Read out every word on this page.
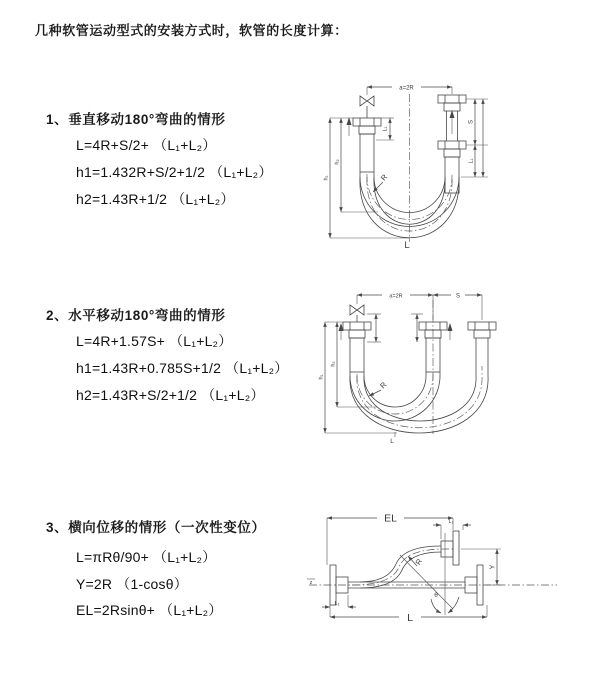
几种软管运动型式的安装方式时，软管的长度计算：
1、垂直移动180°弯曲的情形
L=4R+S/2+ （L₁+L₂）
h1=1.432R+S/2+1/2 （L₁+L₂）
h2=1.43R+1/2 （L₁+L₂）
2、水平移动180°弯曲的情形
L=4R+1.57S+ （L₁+L₂）
h1=1.43R+0.785S+1/2 （L₁+L₂）
h2=1.43R+S/2+1/2 （L₁+L₂）
3、横向位移的情形（一次性变位）
L=πRθ/90+ （L₁+L₂）
Y=2R （1-cosθ）
EL=2Rsinθ+ （L₁+L₂）
a=2R
L₁
S
L₁
h₁
h₂
R
L
a=2R	S
h₁
h₂
R
L
z
θ
R
EL	L₁
Y
L
L₁
